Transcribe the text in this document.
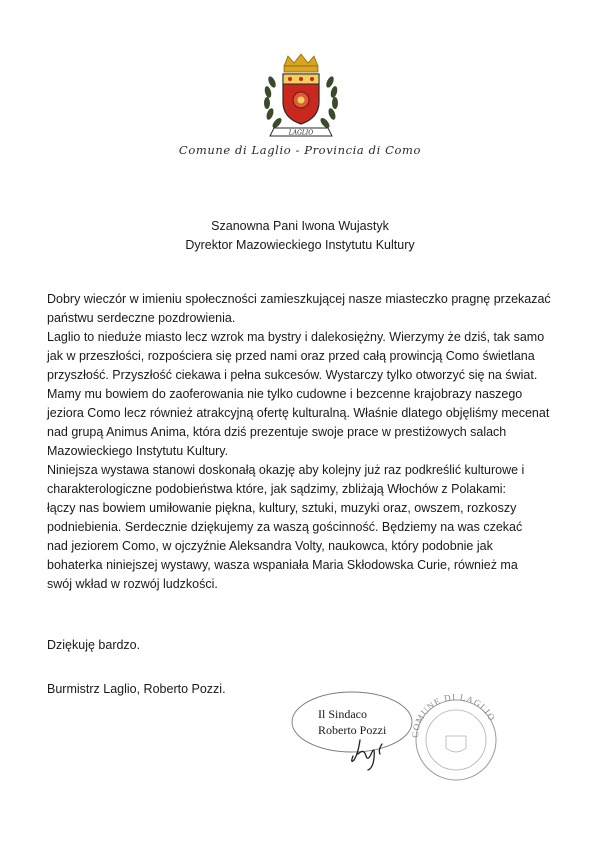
LAGLIO
Comune di Laglio - Provincia di Como
Szanowna Pani Iwona Wujastyk
Dyrektor Mazowieckiego Instytutu Kultury
Dobry wieczór w imieniu społeczności zamieszkującej nasze miasteczko pragnę przekazać
państwu serdeczne pozdrowienia.
Laglio to nieduże miasto lecz wzrok ma bystry i dalekosiężny. Wierzymy że dziś, tak samo
jak w przeszłości, rozpościera się przed nami oraz przed całą prowincją Como świetlana
przyszłość. Przyszłość ciekawa i pełna sukcesów. Wystarczy tylko otworzyć się na świat.
Mamy mu bowiem do zaoferowania nie tylko cudowne i bezcenne krajobrazy naszego
jeziora Como lecz również atrakcyjną ofertę kulturalną. Właśnie dlatego objęliśmy mecenat
nad grupą Animus Anima, która dziś prezentuje swoje prace w prestiżowych salach
Mazowieckiego Instytutu Kultury.
Niniejsza wystawa stanowi doskonałą okazję aby kolejny już raz podkreślić kulturowe i
charakterologiczne podobieństwa które, jak sądzimy, zbliżają Włochów z Polakami:
łączy nas bowiem umiłowanie piękna, kultury, sztuki, muzyki oraz, owszem, rozkoszy
podniebienia. Serdecznie dziękujemy za waszą gościnność. Będziemy na was czekać
nad jeziorem Como, w ojczyźnie Aleksandra Volty, naukowca, który podobnie jak
bohaterka niniejszej wystawy, wasza wspaniała Maria Skłodowska Curie, również ma
swój wkład w rozwój ludzkości.
Dziękuję bardzo.
Burmistrz Laglio, Roberto Pozzi.
COMUNE DI LAGLIO
Il Sindaco
Roberto Pozzi
